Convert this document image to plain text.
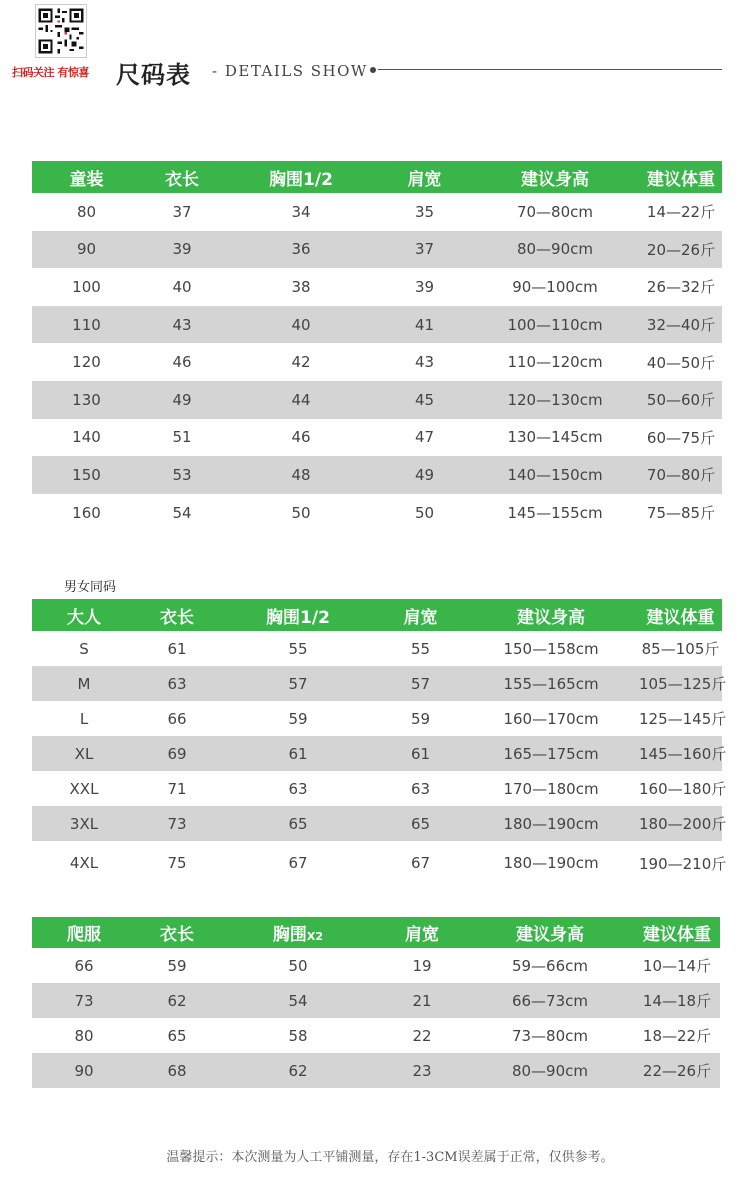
扫码关注 有惊喜 尺码表 - DETAILS SHOW
童装	衣长	胸围1/2	肩宽	建议身高	建议体重
80	37	34	35	70—80cm	14—22斤
90	39	36	37	80—90cm	20—26斤
100	40	38	39	90—100cm	26—32斤
110	43	40	41	100—110cm	32—40斤
120	46	42	43	110—120cm	40—50斤
130	49	44	45	120—130cm	50—60斤
140	51	46	47	130—145cm	60—75斤
150	53	48	49	140—150cm	70—80斤
160	54	50	50	145—155cm	75—85斤
男女同码
大人	衣长	胸围1/2	肩宽	建议身高	建议体重
S	61	55	55	150—158cm	85—105斤
M	63	57	57	155—165cm	105—125斤
L	66	59	59	160—170cm	125—145斤
XL	69	61	61	165—175cm	145—160斤
XXL	71	63	63	170—180cm	160—180斤
3XL	73	65	65	180—190cm	180—200斤
4XL	75	67	67	180—190cm	190—210斤
爬服	衣长	胸围X2	肩宽	建议身高	建议体重
66	59	50	19	59—66cm	10—14斤
73	62	54	21	66—73cm	14—18斤
80	65	58	22	73—80cm	18—22斤
90	68	62	23	80—90cm	22—26斤
温馨提示：本次测量为人工平铺测量，存在1-3CM误差属于正常，仅供参考。
